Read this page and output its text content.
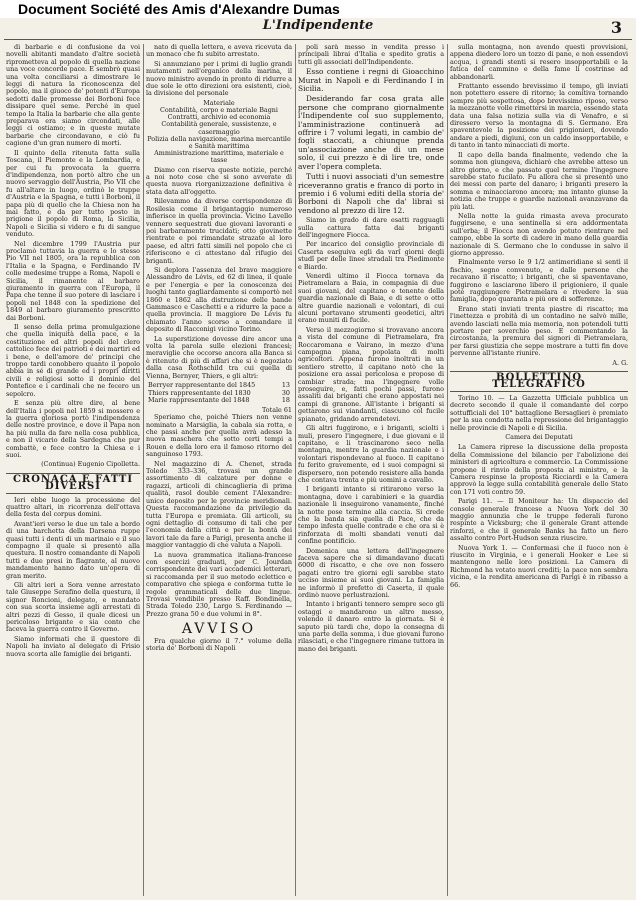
Document Société des Amis d'Alexandre Dumas
L'Indipendente	3

di barbarie e di confusione da voi novelli abitanti mandato d'altre società riprometteva al popolo di quella nazione una voce concorde pace. E sembrò quasi una volta conciliarsi a dimostrare le leggi di natura la riconoscenza del popolo, ma il giuoco de' potenti d'Europa sedotti dalle promesse dei Borboni fece dissipare quel seme. Perché in quel tempo la Italia la barbarie che alla gente preparava era siamo circondati, alle leggi ci ostiamo; e in queste mutate barbarie che circondavano, e ciò fu cagione d'un gran numero di morti.

Il quinto della ritenuta fatta sulla Toscana, il Piemonte e la Lombardia, e per cui fu provocata la guerra d'indipendenza, non portò altro che un nuovo servaggio dell'Austria, Pio VII che fu all'altare in luogo, ordinò le truppe d'Austria e la Spagna, e tutti i Borboni, il papa più di quello che la Chiesa non ha mai fatto, e da per tutto posto in prigione il popolo di Roma, la Sicilia, Napoli e Sicilia si videro e fu di sangue venduto.

Nel dicembre 1799 l'Austria pur proclamò tuttavia la guerra e lo stesso Pio VII nel 1805, ora la repubblica con l'Italia e la Spagna, e Ferdinando IV colle medesime truppe a Roma, Napoli e Sicilia, il rimanente al barbaro giuramento in guerra con l'Europa, il Papa che tenne il suo potere di lasciare i popoli nel 1848 con la spedizione del 1849 al barbaro giuramento prescritto dai Borboni.

Il senso della prima promulgazione che quella iniquità della pace, e la costituzione ed altri popoli del clero cattolico fece dei patrioti e dei martiri ed i bene, e dell'amore de' principi che troppo tardi conobbero quanto il popolo abbia in sé di grande ed i proprî diritti civili e religiosi sotto il dominio del Pontefice e i cardinali che ne fecero un sepolcro.

E senza più oltre dire, al bene dell'Italia i popoli nel 1859 si mossero e la guerra gloriosa portò l'indipendenza delle nostre province, e dove il Papa non ha più nulla da fare nella cosa pubblica, e non il vicario della Sardegna che pur combattè, e fece contro la Chiesa e i suoi.

(Continua) Eugenio Cipolletta.
CRONACA E FATTI DIVERSI

Ieri ebbe luogo la processione del quattro altari, in ricorrenza dell'ottava della festa del corpus domini.

Avant'ieri verso le due un tale a bordo di una barchetta della Darsena ruppe quasi tutti i denti di un marinaio e il suo compagno il quale si presentò alla questura. Il nostro comandante di Napoli tutti e due presi in flagrante, al nuovo mandamento hanno dato un'opera di gran merito.

Gli altri ieri a Sora venne arrestato tale Giuseppe Serafino della questura, il signor Roncioni, delegato, e mandato con sua scorta insieme agli arrestati di altri pezzi di Gesso, il quale dicesi un pericoloso brigante e sia conto che faceva la guerra contro il Governo.

Siamo informati che il questore di Napoli ha inviato al delegato di Frisio nuova scorta alle famiglie dei briganti.

nato di quella lettera, e aveva ricevuta da un monaco che fu subito arrestato.

Si annunziano per i primi di luglio grandi mutamenti nell'organico della marina, il nuovo ministro avendo in pronto di ridurre a due sole le otto direzioni ora esistenti, cioè, la divisione del personale

Materiale
Contabilità, corpo e materiale Bagni
Contratti, archivio ed economia
Contabilità generale, sussistenze, e casermaggio
Polizia della navigazione, marina mercantile e Sanità marittima
Amministrazione marittima, materiale e tasse

Diamo con riserva queste notizie, perché a noi noto cose che si sono avverate di questa nuova riorganizzazione definitiva è stata data all'oggetto.

Rilevammo da diverse corrispondenze di Rosilesia come il brigantaggio numeroso infierisce in quella provincia. Vicino Lavello vennero sequestrati due giovani lavoranti e poi barbaramente trucidati; otto giovinette rientrate e poi rimandate strazate al loro paese, ed altri fatti simili nel popolo che ci riferiscono e ci attestano dal rifugio dei briganti.

Si deplora l'assenza del bravo maggiore Alessandro de Lévis, ed 62 di linea, il quale e per l'energia e per la conoscenza dei luoghi tanto gagliardamente si comportò nel 1860 e 1862 alla distruzione delle bande Gammasco e Caschetti e a ridurre la pace a quella provincia. Il maggiore De Lévis fu chiamato l'anno scorso a comandare il deposito di Racconigi vicino Torino.

La superstizione dovesse dire ancor una volta la parola sulle elezioni francesi; meraviglie che occorse ancora alla Banca si è ritenuto di più di affari che si è negoziato dalla casa Rothschild tra cui quella di Vienna, Bernyer, Thiers, e gli altri:

Berryer rappresentante del 1845	13
Thiers rappresentante del 1830	30
Marie rappresentante del 1848	18
Totale 61

Speriamo che, poiché Thiers non venne nominato a Marsiglia, la cabala sia rotta, e che passi anche per quella avrà adesso la nuova maschera che sotto certi tempi a Rouen e della loro era il famoso ritorno del sanguinoso 1793.

Nel magazzino di A. Chenet, strada Toledo 333–336, trovasi un grande assortimento di calzature per donne e ragazzi, articoli di chincaglieria di prima qualità, rasol double cement l'Alexandre: unico deposito per le provincie meridionali. Questa raccomandazione da privilegio da tutta l'Europa e premiata. Gli articoli, su ogni dettaglio di consumo di tali che per l'economia della città e per la bontà dei lavori tale da fare a Parigi, presenta anche il maggior vantaggio di che valuta a Napoli.

La nuova grammatica italiana-francese con esercizi graduati, per C. Jourdan corrispondente dei vari accademici letterari, si raccomanda per il suo metodo eclettico e comparativo che spiega e conforma tutte le regole grammaticali delle due lingue. Trovasi vendibile presso Raff. Bondinella, Strada Toledo 230, Largo S. Ferdinando — Prezzo grana 50 e due volumi in 8°.

AVVISO

Fra qualche giorno il 7.° volume della storia de' Borboni di Napoli

poli sarà messo in vendita presso i principali librai d'Italia e spedito gratis a tutti gli associati dell'Indipendente.

Esso contiene i regni di Gioacchino Murat in Napoli e di Ferdinando I in Sicilia.

Desiderando far cosa grata alle persone che comprano giornalmente l'Indipendente col suo supplemento, l'amministrazione continuerà ad offrire i 7 volumi legati, in cambio de' fogli staccati, a chiunque prenda un'associazione anche di un mese solo, il cui prezzo è di lire tre, onde aver l'opera completa.

Tutti i nuovi associati d'un semestre riceveranno gratis e franco di porto in premio i 6 volumi editi della storia de' Borboni di Napoli che da' librai si vendono al prezzo di lire 12.

Siamo in grado di dare esatti ragguagli sulla cattura fatta dai briganti dell'ingegnere Fiocca.

Per incarico del consiglio provinciale di Caserta eseguiva egli da varî giorni degli studî per delle linee stradali tra Piedimonte e Biardo.

Venerdì ultimo il Fiocca tornava da Pietramelara a Baia, in compagnia di due suoi giovani, del capitano e tenente della guardia nazionale di Baia, e di sette o otto altre guardie nazionali e volontari, di cui alcuni portavano strumenti geodetici, altri erano muniti di fucile.

Verso il mezzogiorno si trovavano ancora a vista del comune di Pietramelara, fra Roccaromana e Vairano, in mezzo d'una campagna piana, popolata di molti agricoltori. Appena furono inoltrati in un sentiero stretto, il capitano notò che la posizione era assai pericolosa e propose di cambiar strada; ma l'ingegnere volle proseguire, e, fatti pochi passi, furono assaliti dai briganti che erano appostati nei campi di granone. All'istante i briganti si gettarono sui viandanti, ciascuno col fucile spianato, gridando arrendetevi.

Gli altri fuggirono, e i briganti, sciolti i muli, presero l'ingegnere, i due giovani e il capitano, e li trascinarono seco nella montagna, mentre la guardia nazionale e i volontari rispondevano al fuoco. Il capitano fu ferito gravemente, ed i suoi compagni si dispersero, non potendo resistere alla banda che contava trenta e più uomini a cavallo.

I briganti intanto si ritirarono verso la montagna, dove i carabinieri e la guardia nazionale li inseguirono vanamente, finché la notte pose termine alla caccia. Si crede che la banda sia quella di Pace, che da tempo infesta quelle contrade e che ora si è rinforzata di molti sbandati venuti dal confine pontificio.

Domenica una lettera dell'ingegnere faceva sapere che si dimandavano ducati 6000 di riscatto, e che ove non fossero pagati entro tre giorni egli sarebbe stato ucciso insieme ai suoi giovani. La famiglia ne informò il prefetto di Caserta, il quale ordinò nuove perlustrazioni.

Intanto i briganti tennero sempre seco gli ostaggi e mandarono un altro messo, volendo il danaro entro la giornata. Si è saputo più tardi che, dopo la consegna di una parte della somma, i due giovani furono rilasciati, e che l'ingegnere rimane tuttora in mano dei briganti.

sulla montagna, non avendo questi provvisioni, appena diedero loro un tozzo di pane, e non essendovi acqua, i grandi stenti si resero insopportabili e la fatica del cammino e della fame li costrinse ad abbandonarli.

Frattanto essendo brevissimo il tempo, gli inviati non potettero essere di ritorno; la comitiva tornando sempre più sospettosa, dopo brevissimo riposo, verso la mezzanotte volle rimettersi in marcia, essendo stata data una falsa notizia sulla via di Venafro, e si diressero verso la montagna di S. Germano. Era spaventevole la posizione dei prigionieri, dovendo andare a piedi, digiuni, con un caldo insopportabile, e di tanto in tanto minacciati di morte.

Il capo della banda finalmente, vedendo che la somma non giungeva, dichiarò che avrebbe atteso un altro giorno, e che passato quel termine l'ingegnere sarebbe stato fucilato. Fu allora che si presentò uno dei messi con parte del danaro; i briganti presero la somma e minacciarono ancora; ma intanto giunse la notizia che truppe e guardie nazionali avanzavano da più lati.

Nella notte la guida rimasta aveva procurato fuggirsene, e una sentinella si era addormentata sull'erba; il Fiocca non avendo potuto rientrare nel campo, ebbe la sorte di cadere in mano della guardia nazionale di S. Germano che lo condusse in salvo il giorno appresso.

Finalmente verso le 9 1/2 antimeridiane si sentì il fischio, segno convenuto, e dalle persone che recavano il riscatto; i briganti, che si spaventavano, fuggirono e lasciarono libero il prigioniero, il quale poté raggiungere Pietramelara e rivedere la sua famiglia, dopo quaranta e più ore di sofferenze.

Erano stati inviati trenta piastre di riscatto; ma l'inettezza e probità di un contadino ne salvò mille, avendo lasciati nella mia memoria, non potendoli tutti portare per soverchio peso. E commentando la circostanza, la premura del signori di Pietramelara, per farsi giustizia che seppe mostrare a tutti fin dove pervenne all'istante riunire.

A. G.
BOLLETTINO TELEGRAFICO

Torino 10. — La Gazzetta Ufficiale pubblica un decreto secondo il quale il comandante del corpo sottufficiali del 10° battaglione Bersaglieri è premiato per la sua condotta nella repressione del brigantaggio nelle provincie di Napoli e di Sicilia.

Camera dei Deputati

La Camera riprese la discussione della proposta della Commissione del bilancio per l'abolizione dei ministeri di agricoltura e commercio. La Commissione propone il rinvio della proposta al ministro, e la Camera respinse la proposta Ricciardi e la Camera approvò la legge sulla contabilità generale dello Stato con 171 voti contro 59.

Parigi 11. — Il Moniteur ha: Un dispaccio del console generale francese a Nuova York del 30 maggio annunzia che le truppe federali furono respinte a Vicksburg; che il generale Grant attende rinforzi, e che il generale Banks ha fatto un fiero assalto contro Port-Hudson senza riuscire.

Nuova York 1. — Confermasi che il fuoco non è riuscito in Virginia, e i generali Hooker e Lee si mantengono nelle loro posizioni. La Camera di Richmond ha votato nuovi crediti; la pace non sembra vicina, e la rendita americana di Parigi è in ribasso a 66.
